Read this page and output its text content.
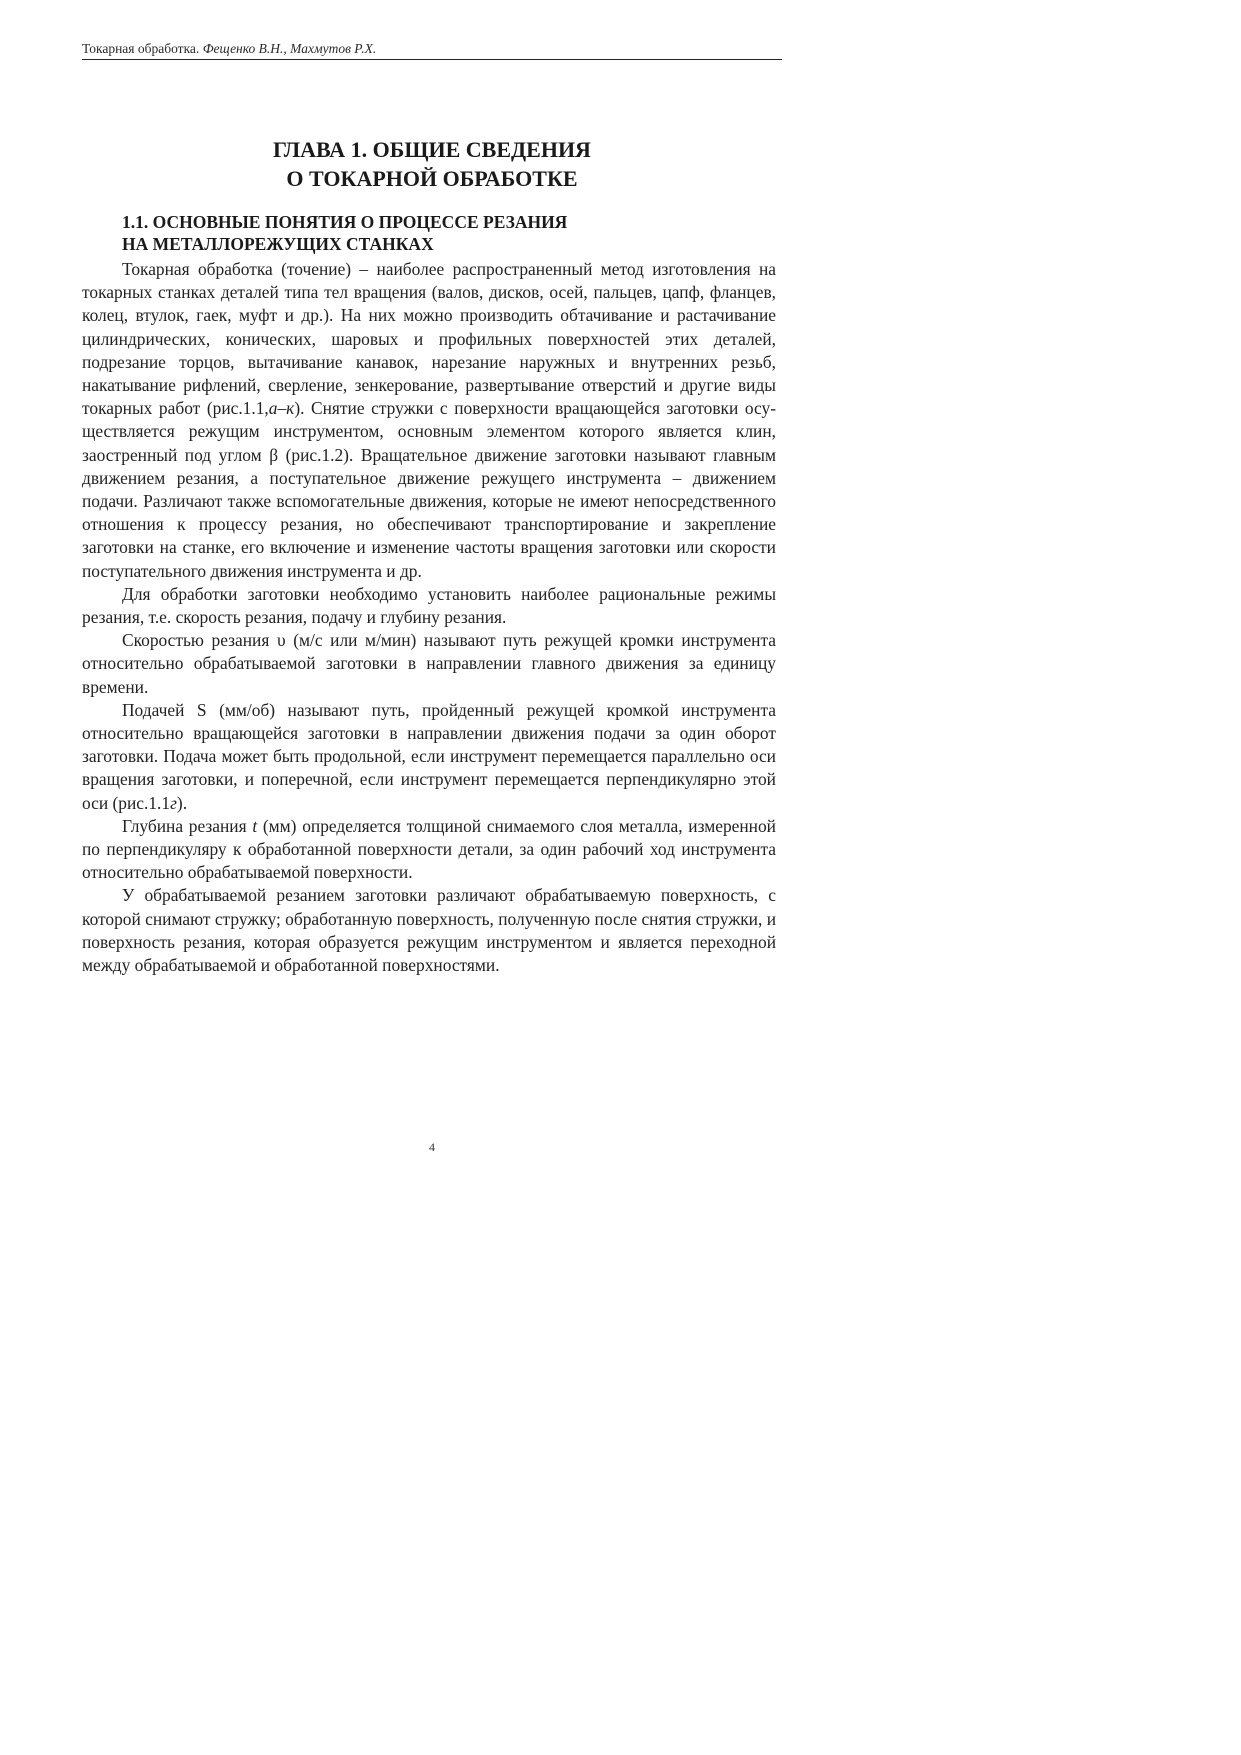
Токарная обработка. Фещенко В.Н., Махмутов Р.Х.
ГЛАВА 1. ОБЩИЕ СВЕДЕНИЯ
О ТОКАРНОЙ ОБРАБОТКЕ
1.1. ОСНОВНЫЕ ПОНЯТИЯ О ПРОЦЕССЕ РЕЗАНИЯ
НА МЕТАЛЛОРЕЖУЩИХ СТАНКАХ

Токарная обработка (точение) – наиболее распространенный метод изготовления на токарных станках деталей типа тел вращения (валов, дисков, осей, пальцев, цапф, фланцев, колец, втулок, гаек, муфт и др.). На них можно производить обтачивание и растачивание цилиндрических, конических, шаровых и профильных поверхностей этих деталей, подрезание торцов, вытачивание канавок, нарезание наружных и внутренних резьб, накатывание рифлений, сверление, зенкерование, развертывание отверстий и другие виды токарных работ (рис.1.1,а–к). Снятие стружки с поверхности вращающейся заготовки осуществляется режущим инструментом, основным элементом которого является клин, заостренный под углом β (рис.1.2). Вращательное движение заготовки называют главным движением резания, а поступательное движение режущего инструмента – движением подачи. Различают также вспомогательные движения, которые не имеют непосредственного отношения к процессу резания, но обеспечивают транспортирование и закрепление заготовки на станке, его включение и изменение частоты вращения заготовки или скорости поступательного движения инструмента и др.

Для обработки заготовки необходимо установить наиболее рациональные режимы резания, т.е. скорость резания, подачу и глубину резания.

Скоростью резания υ (м/с или м/мин) называют путь режущей кромки инструмента относительно обрабатываемой заготовки в направлении главного движения за единицу времени.

Подачей S (мм/об) называют путь, пройденный режущей кромкой инструмента относительно вращающейся заготовки в направлении движения подачи за один оборот заготовки. Подача может быть продольной, если инструмент перемещается параллельно оси вращения заготовки, и поперечной, если инструмент перемещается перпендикулярно этой оси (рис.1.1г).

Глубина резания t (мм) определяется толщиной снимаемого слоя металла, измеренной по перпендикуляру к обработанной поверхности детали, за один рабочий ход инструмента относительно обрабатываемой поверхности.

У обрабатываемой резанием заготовки различают обрабатываемую поверхность, с которой снимают стружку; обработанную поверхность, полученную после снятия стружки, и поверхность резания, которая образуется режущим инструментом и является переходной между обрабатываемой и обработанной поверхностями.

4
